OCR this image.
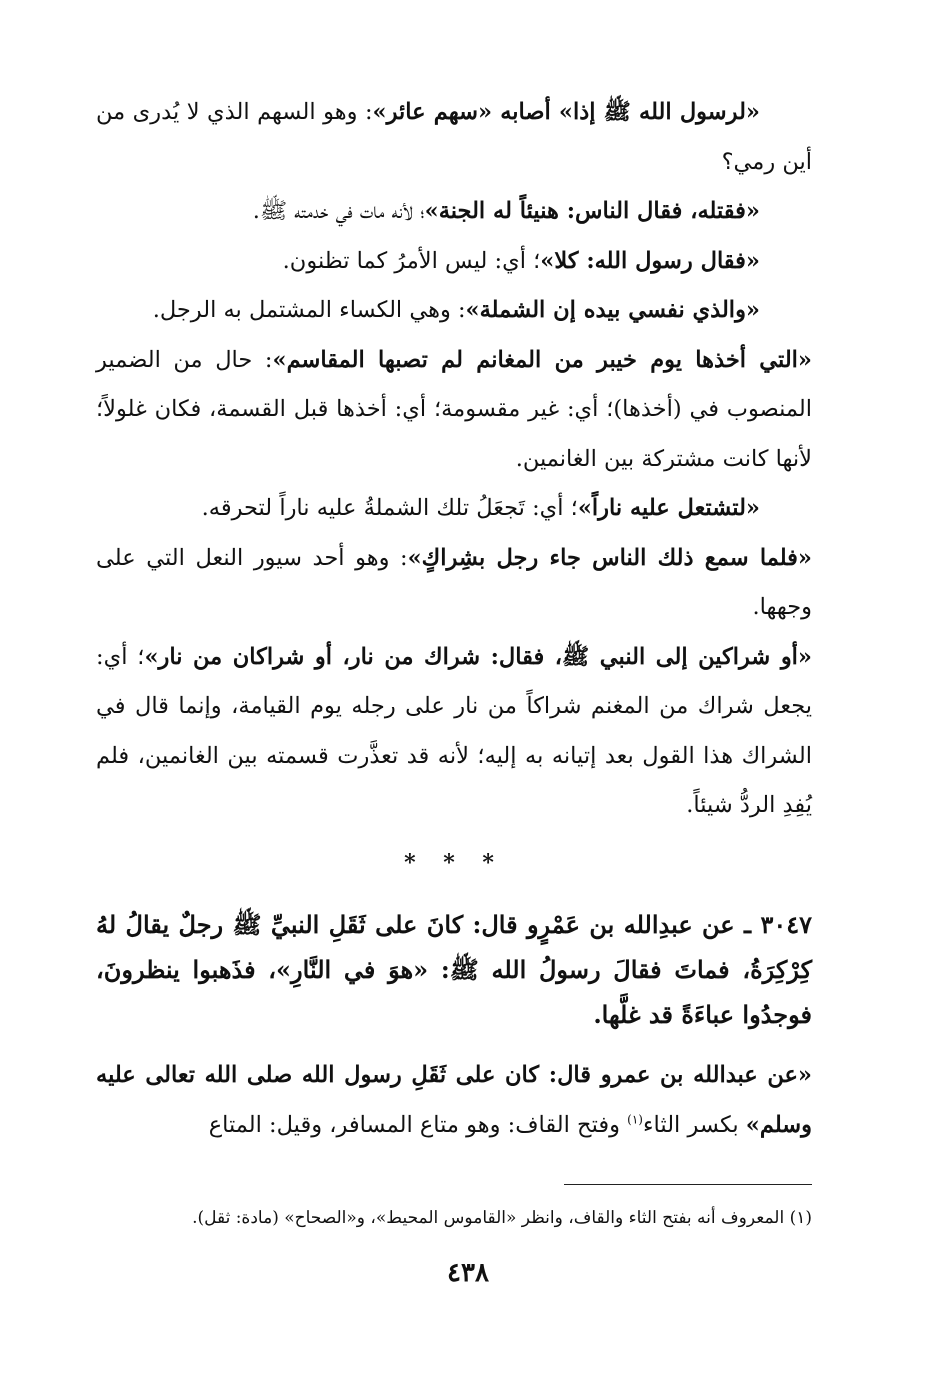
«لرسول الله ﷺ إذا» أصابه «سهم عائر»: وهو السهم الذي لا يُدرى من أين رمي؟

«فقتله، فقال الناس: هنيئاً له الجنة»؛ لأنه مات في خدمته ﷺ.

«فقال رسول الله: كلا»؛ أي: ليس الأمرُ كما تظنون.

«والذي نفسي بيده إن الشملة»: وهي الكساء المشتمل به الرجل.

«التي أخذها يوم خيبر من المغانم لم تصبها المقاسم»: حال من الضمير المنصوب في (أخذها)؛ أي: غير مقسومة؛ أي: أخذها قبل القسمة، فكان غلولاً؛ لأنها كانت مشتركة بين الغانمين.

«لتشتعل عليه ناراً»؛ أي: تَجعَلُ تلك الشملةُ عليه ناراً لتحرقه.

«فلما سمع ذلك الناس جاء رجل بشِراكٍ»: وهو أحد سيور النعل التي على وجهها.

«أو شراكين إلى النبي ﷺ، فقال: شراك من نار، أو شراكان من نار»؛ أي: يجعل شراك من المغنم شراكاً من نار على رجله يوم القيامة، وإنما قال في الشراك هذا القول بعد إتيانه به إليه؛ لأنه قد تعذَّرت قسمته بين الغانمين، فلم يُفِدِ الردُّ شيئاً.

* * *

٣٠٤٧ ـ عن عبدِالله بن عَمْرٍو قال: كانَ على ثَقَلِ النبيِّ ﷺ رجلٌ يقالُ لهُ كِرْكِرَةُ، فماتَ فقالَ رسولُ الله ﷺ: «هوَ في النَّارِ»، فذَهبوا ينظرونَ، فوجدُوا عباءَةً قد غلَّها.

«عن عبدالله بن عمرو قال: كان على ثَقَلِ رسول الله صلى الله تعالى عليه وسلم» بكسر الثاء$^{(١)}$ وفتح القاف: وهو متاع المسافر، وقيل: المتاع

(١) المعروف أنه بفتح الثاء والقاف، وانظر «القاموس المحيط»، و«الصحاح» (مادة: ثقل).
٤٣٨
